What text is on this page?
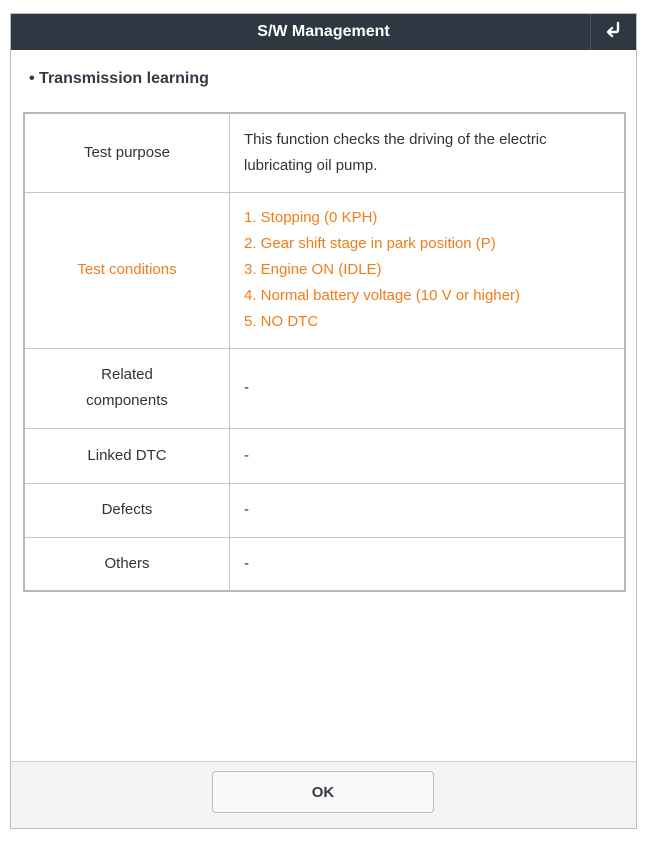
S/W Management
• Transmission learning
Test purpose	This function checks the driving of the electric
lubricating oil pump.

Test conditions	1. Stopping (0 KPH)
2. Gear shift stage in park position (P)
3. Engine ON (IDLE)
4. Normal battery voltage (10 V or higher)
5. NO DTC

Related
components	-
Linked DTC	-
Defects	-
Others	-
OK
